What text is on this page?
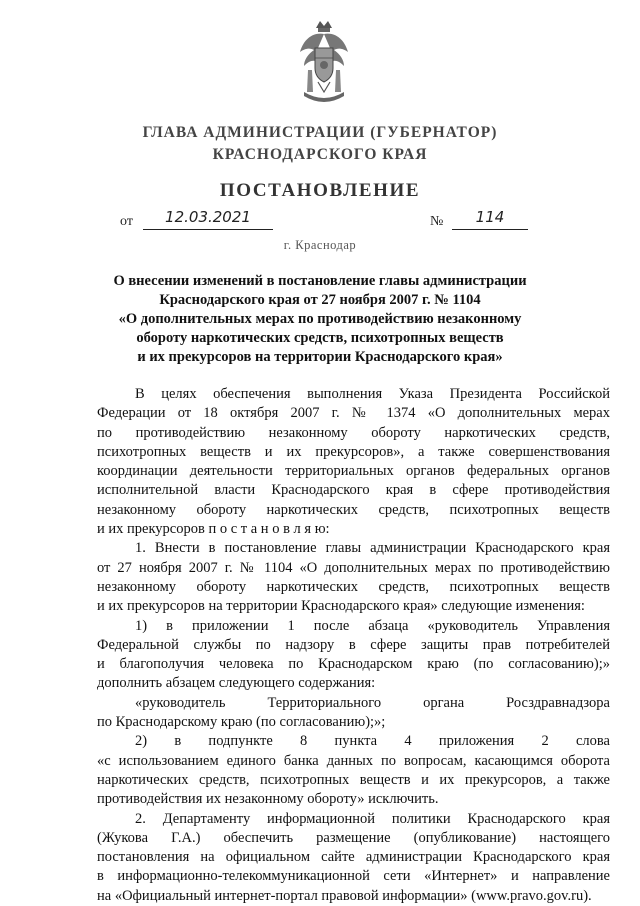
ГЛАВА АДМИНИСТРАЦИИ (ГУБЕРНАТОР)
КРАСНОДАРСКОГО КРАЯ
ПОСТАНОВЛЕНИЕ
от	12.03.2021	№	114
г. Краснодар
О внесении изменений в постановление главы администрации
Краснодарского края от 27 ноября 2007 г. № 1104
«О дополнительных мерах по противодействию незаконному
обороту наркотических средств, психотропных веществ
и их прекурсоров на территории Краснодарского края»
В целях обеспечения выполнения Указа Президента Российской
Федерации от 18 октября 2007 г. № 1374 «О дополнительных мерах
по противодействию незаконному обороту наркотических средств,
психотропных веществ и их прекурсоров», а также совершенствования
координации деятельности территориальных органов федеральных органов
исполнительной власти Краснодарского края в сфере противодействия
незаконному обороту наркотических средств, психотропных веществ
и их прекурсоров п о с т а н о в л я ю:
1. Внести в постановление главы администрации Краснодарского края
от 27 ноября 2007 г. № 1104 «О дополнительных мерах по противодействию
незаконному обороту наркотических средств, психотропных веществ
и их прекурсоров на территории Краснодарского края» следующие изменения:
1) в приложении 1 после абзаца «руководитель Управления
Федеральной службы по надзору в сфере защиты прав потребителей
и благополучия человека по Краснодарском краю (по согласованию);»
дополнить абзацем следующего содержания:
«руководитель Территориального органа Росздравнадзора
по Краснодарскому краю (по согласованию);»;
2) в подпункте 8 пункта 4 приложения 2 слова
«с использованием единого банка данных по вопросам, касающимся оборота
наркотических средств, психотропных веществ и их прекурсоров, а также
противодействия их незаконному обороту» исключить.
2. Департаменту информационной политики Краснодарского края
(Жукова Г.А.) обеспечить размещение (опубликование) настоящего
постановления на официальном сайте администрации Краснодарского края
в информационно-телекоммуникационной сети «Интернет» и направление
на «Официальный интернет-портал правовой информации» (www.pravo.gov.ru).
